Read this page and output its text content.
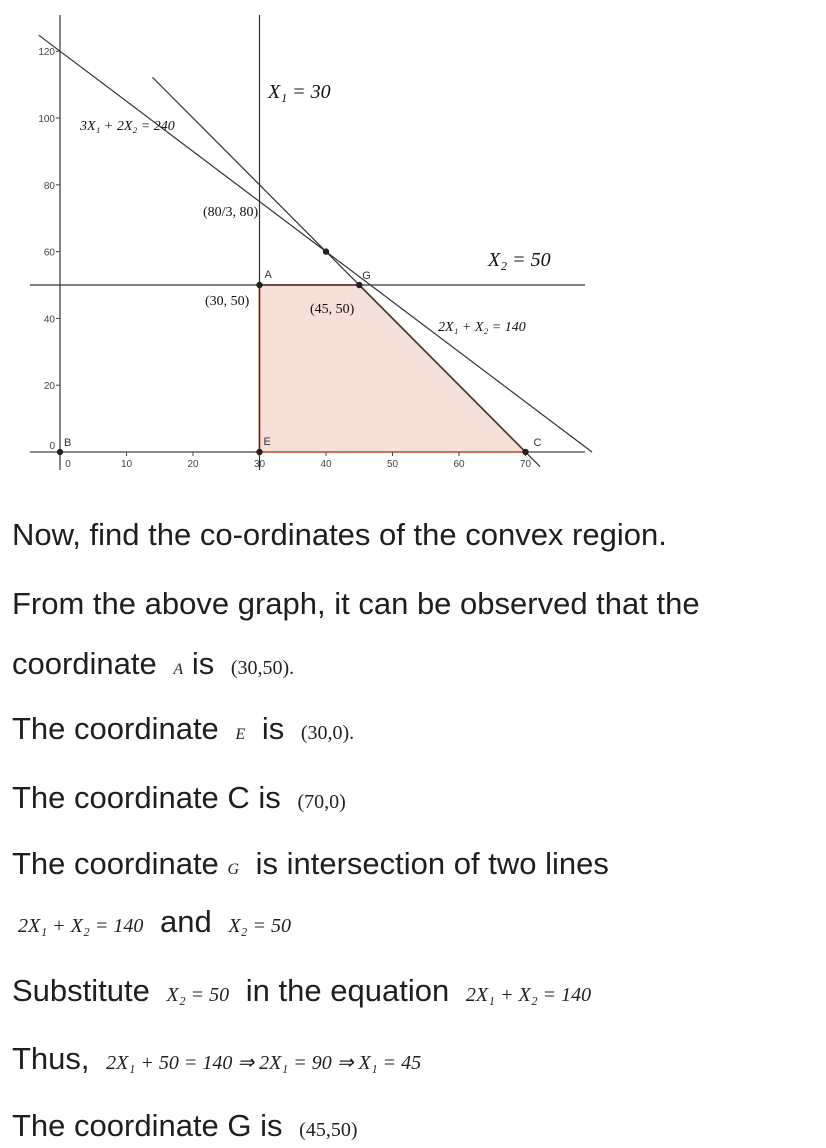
0	10	20	30	40	50	60	70
0
20
40
60
80
100
120
A	G
C
E
B
X₁ = 30
X₂ = 50
3X₁ + 2X₂ = 240
2X₁ + X₂ = 140
(80/3, 80)
(30, 50)
(45, 50)
Now, find the co-ordinates of the convex region.
From the above graph, it can be observed that the
coordinate A is (30,50).
The coordinate E is (30,0).
The coordinate C is (70,0)
The coordinate G is intersection of two lines
2X₁ + X₂ = 140 and X₂ = 50
Substitute X₂ = 50 in the equation 2X₁ + X₂ = 140
Thus, 2X₁ + 50 = 140 ⇒ 2X₁ = 90 ⇒ X₁ = 45
The coordinate G is (45,50)
